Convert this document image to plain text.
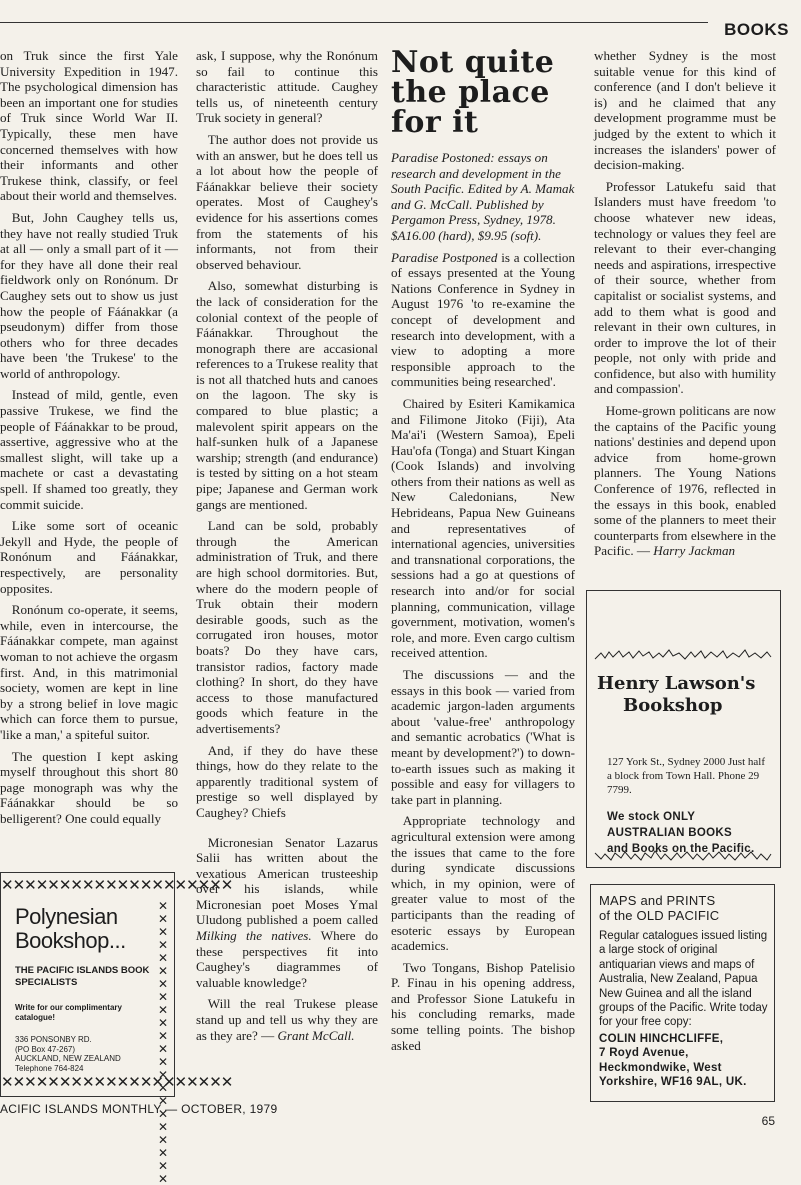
BOOKS

on Truk since the first Yale University Expedition in 1947. The psychological dimension has been an important one for studies of Truk since World War II. Typically, these men have concerned themselves with how their informants and other Trukese think, classify, or feel about their world and themselves.

But, John Caughey tells us, they have not really studied Truk at all — only a small part of it — for they have all done their real fieldwork only on Ronónum. Dr Caughey sets out to show us just how the people of Fáánakkar (a pseudonym) differ from those others who for three decades have been 'the Trukese' to the world of anthropology.

Instead of mild, gentle, even passive Trukese, we find the people of Fáánakkar to be proud, assertive, aggressive who at the smallest slight, will take up a machete or cast a devastating spell. If shamed too greatly, they commit suicide.

Like some sort of oceanic Jekyll and Hyde, the people of Ronónum and Fáánakkar, respectively, are personality opposites.

Ronónum co-operate, it seems, while, even in intercourse, the Fáánakkar compete, man against woman to not achieve the orgasm first. And, in this matrimonial society, women are kept in line by a strong belief in love magic which can force them to pursue, 'like a man,' a spiteful suitor.

The question I kept asking myself throughout this short 80 page monograph was why the Fáánakkar should be so belligerent? One could equally

ask, I suppose, why the Ronónum so fail to continue this characteristic attitude. Caughey tells us, of nineteenth century Truk society in general?

The author does not provide us with an answer, but he does tell us a lot about how the people of Fáánakkar believe their society operates. Most of Caughey's evidence for his assertions comes from the statements of his informants, not from their observed behaviour.

Also, somewhat disturbing is the lack of consideration for the colonial context of the people of Fáánakkar. Throughout the monograph there are accasional references to a Trukese reality that is not all thatched huts and canoes on the lagoon. The sky is compared to blue plastic; a malevolent spirit appears on the half-sunken hulk of a Japanese warship; strength (and endurance) is tested by sitting on a hot steam pipe; Japanese and German work gangs are mentioned.

Land can be sold, probably through the American administration of Truk, and there are high school dormitories. But, where do the modern people of Truk obtain their modern desirable goods, such as the corrugated iron houses, motor boats? Do they have cars, transistor radios, factory made clothing? In short, do they have access to those manufactured goods which feature in the advertisements?

And, if they do have these things, how do they relate to the apparently traditional system of prestige so well displayed by Caughey? Chiefs

Micronesian Senator Lazarus Salii has written about the vexatious American trusteeship over his islands, while Micronesian poet Moses Ymal Uludong published a poem called Milking the natives. Where do these perspectives fit into Caughey's diagrammes of valuable knowledge?

Will the real Trukese please stand up and tell us why they are as they are? — Grant McCall.

Not quite the place for it

Paradise Postoned: essays on research and development in the South Pacific. Edited by A. Mamak and G. McCall. Published by Pergamon Press, Sydney, 1978. $A16.00 (hard), $9.95 (soft).

Paradise Postponed is a collection of essays presented at the Young Nations Conference in Sydney in August 1976 'to re-examine the concept of development and research into development, with a view to adopting a more responsible approach to the communities being researched'.

Chaired by Esiteri Kamikamica and Filimone Jitoko (Fiji), Ata Ma'ai'i (Western Samoa), Epeli Hau'ofa (Tonga) and Stuart Kingan (Cook Islands) and involving others from their nations as well as New Caledonians, New Hebrideans, Papua New Guineans and representatives of international agencies, universities and transnational corporations, the sessions had a go at questions of research into and/or for social planning, communication, village government, motivation, women's role, and more. Even cargo cultism received attention.

The discussions — and the essays in this book — varied from academic jargon-laden arguments about 'value-free' anthropology and semantic acrobatics ('What is meant by development?') to down-to-earth issues such as making it possible and easy for villagers to take part in planning.

Appropriate technology and agricultural extension were among the issues that came to the fore during syndicate discussions which, in my opinion, were of greater value to most of the participants than the reading of esoteric essays by European academics.

Two Tongans, Bishop Patelisio P. Finau in his opening address, and Professor Sione Latukefu in his concluding remarks, made some telling points. The bishop asked

whether Sydney is the most suitable venue for this kind of conference (and I don't believe it is) and he claimed that any development programme must be judged by the extent to which it increases the islanders' power of decision-making.

Professor Latukefu said that Islanders must have freedom 'to choose whatever new ideas, technology or values they feel are relevant to their ever-changing needs and aspirations, irrespective of their source, whether from capitalist or socialist systems, and add to them what is good and relevant in their own cultures, in order to improve the lot of their people, not only with pride and confidence, but also with humility and compassion'.

Home-grown politicans are now the captains of the Pacific young nations' destinies and depend upon advice from home-grown planners. The Young Nations Conference of 1976, reflected in the essays in this book, enabled some of the planners to meet their counterparts from elsewhere in the Pacific. — Harry Jackman

✕✕✕✕✕✕✕✕✕✕✕✕✕✕✕✕✕✕✕✕
✕✕✕✕✕✕✕✕✕✕✕✕✕✕✕✕✕✕✕✕✕✕
Polynesian
Bookshop...
THE PACIFIC ISLANDS BOOK SPECIALISTS
Write for our complimentary catalogue!
336 PONSONBY RD.
(PO Box 47-267)
AUCKLAND, NEW ZEALAND
Telephone 764-824
✕✕✕✕✕✕✕✕✕✕✕✕✕✕✕✕✕✕✕✕
Henry Lawson's
Bookshop
127 York St., Sydney 2000 Just half a block from Town Hall. Phone 29 7799.
We stock ONLY
AUSTRALIAN BOOKS
and Books on the Pacific.
MAPS and PRINTS
of the OLD PACIFIC
Regular catalogues issued listing a large stock of original antiquarian views and maps of Australia, New Zealand, Papua New Guinea and all the island groups of the Pacific. Write today for your free copy:
COLIN HINCHCLIFFE,
7 Royd Avenue,
Heckmondwike, West
Yorkshire, WF16 9AL, UK.
ACIFIC ISLANDS MONTHLY — OCTOBER, 1979
65
